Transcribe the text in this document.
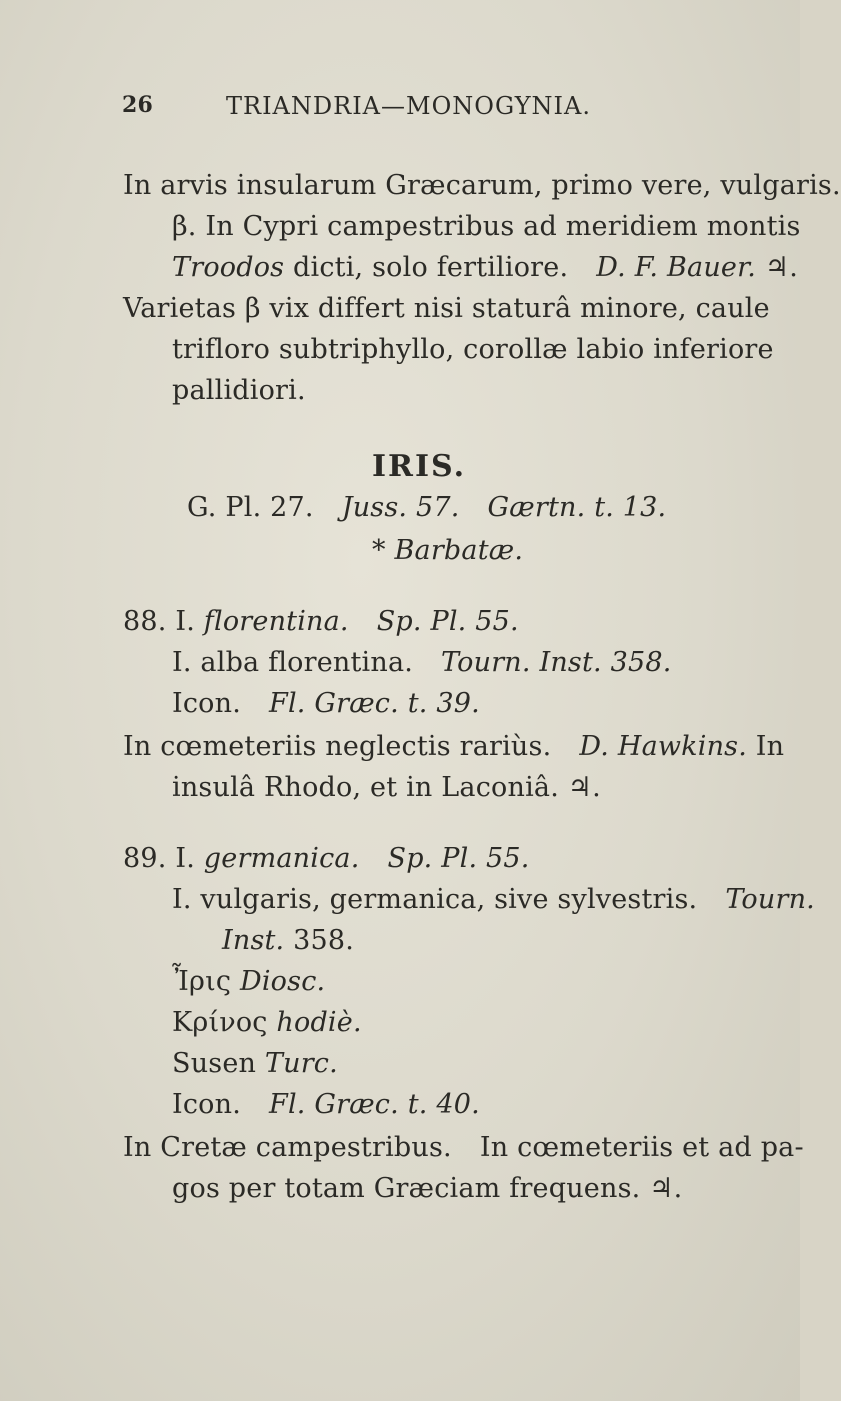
26	TRIANDRIA—MONOGYNIA.
In arvis insularum Græcarum, primo vere, vulgaris.
β. In Cypri campestribus ad meridiem montis
Troodos dicti, solo fertiliore. D. F. Bauer. ♃.
Varietas β vix differt nisi staturâ minore, caule
trifloro subtriphyllo, corollæ labio inferiore
pallidiori.
IRIS.
G. Pl. 27. Juss. 57. Gærtn. t. 13.
* Barbatæ.
88. I. florentina. Sp. Pl. 55.
I. alba florentina. Tourn. Inst. 358.
Icon. Fl. Græc. t. 39.
In cœmeteriis neglectis rariùs. D. Hawkins. In
insulâ Rhodo, et in Laconiâ. ♃.
89. I. germanica. Sp. Pl. 55.
I. vulgaris, germanica, sive sylvestris. Tourn.
Inst. 358.
Ἶρις Diosc.
Κρίνος hodiè.
Susen Turc.
Icon. Fl. Græc. t. 40.
In Cretæ campestribus. In cœmeteriis et ad pa-
gos per totam Græciam frequens. ♃.
